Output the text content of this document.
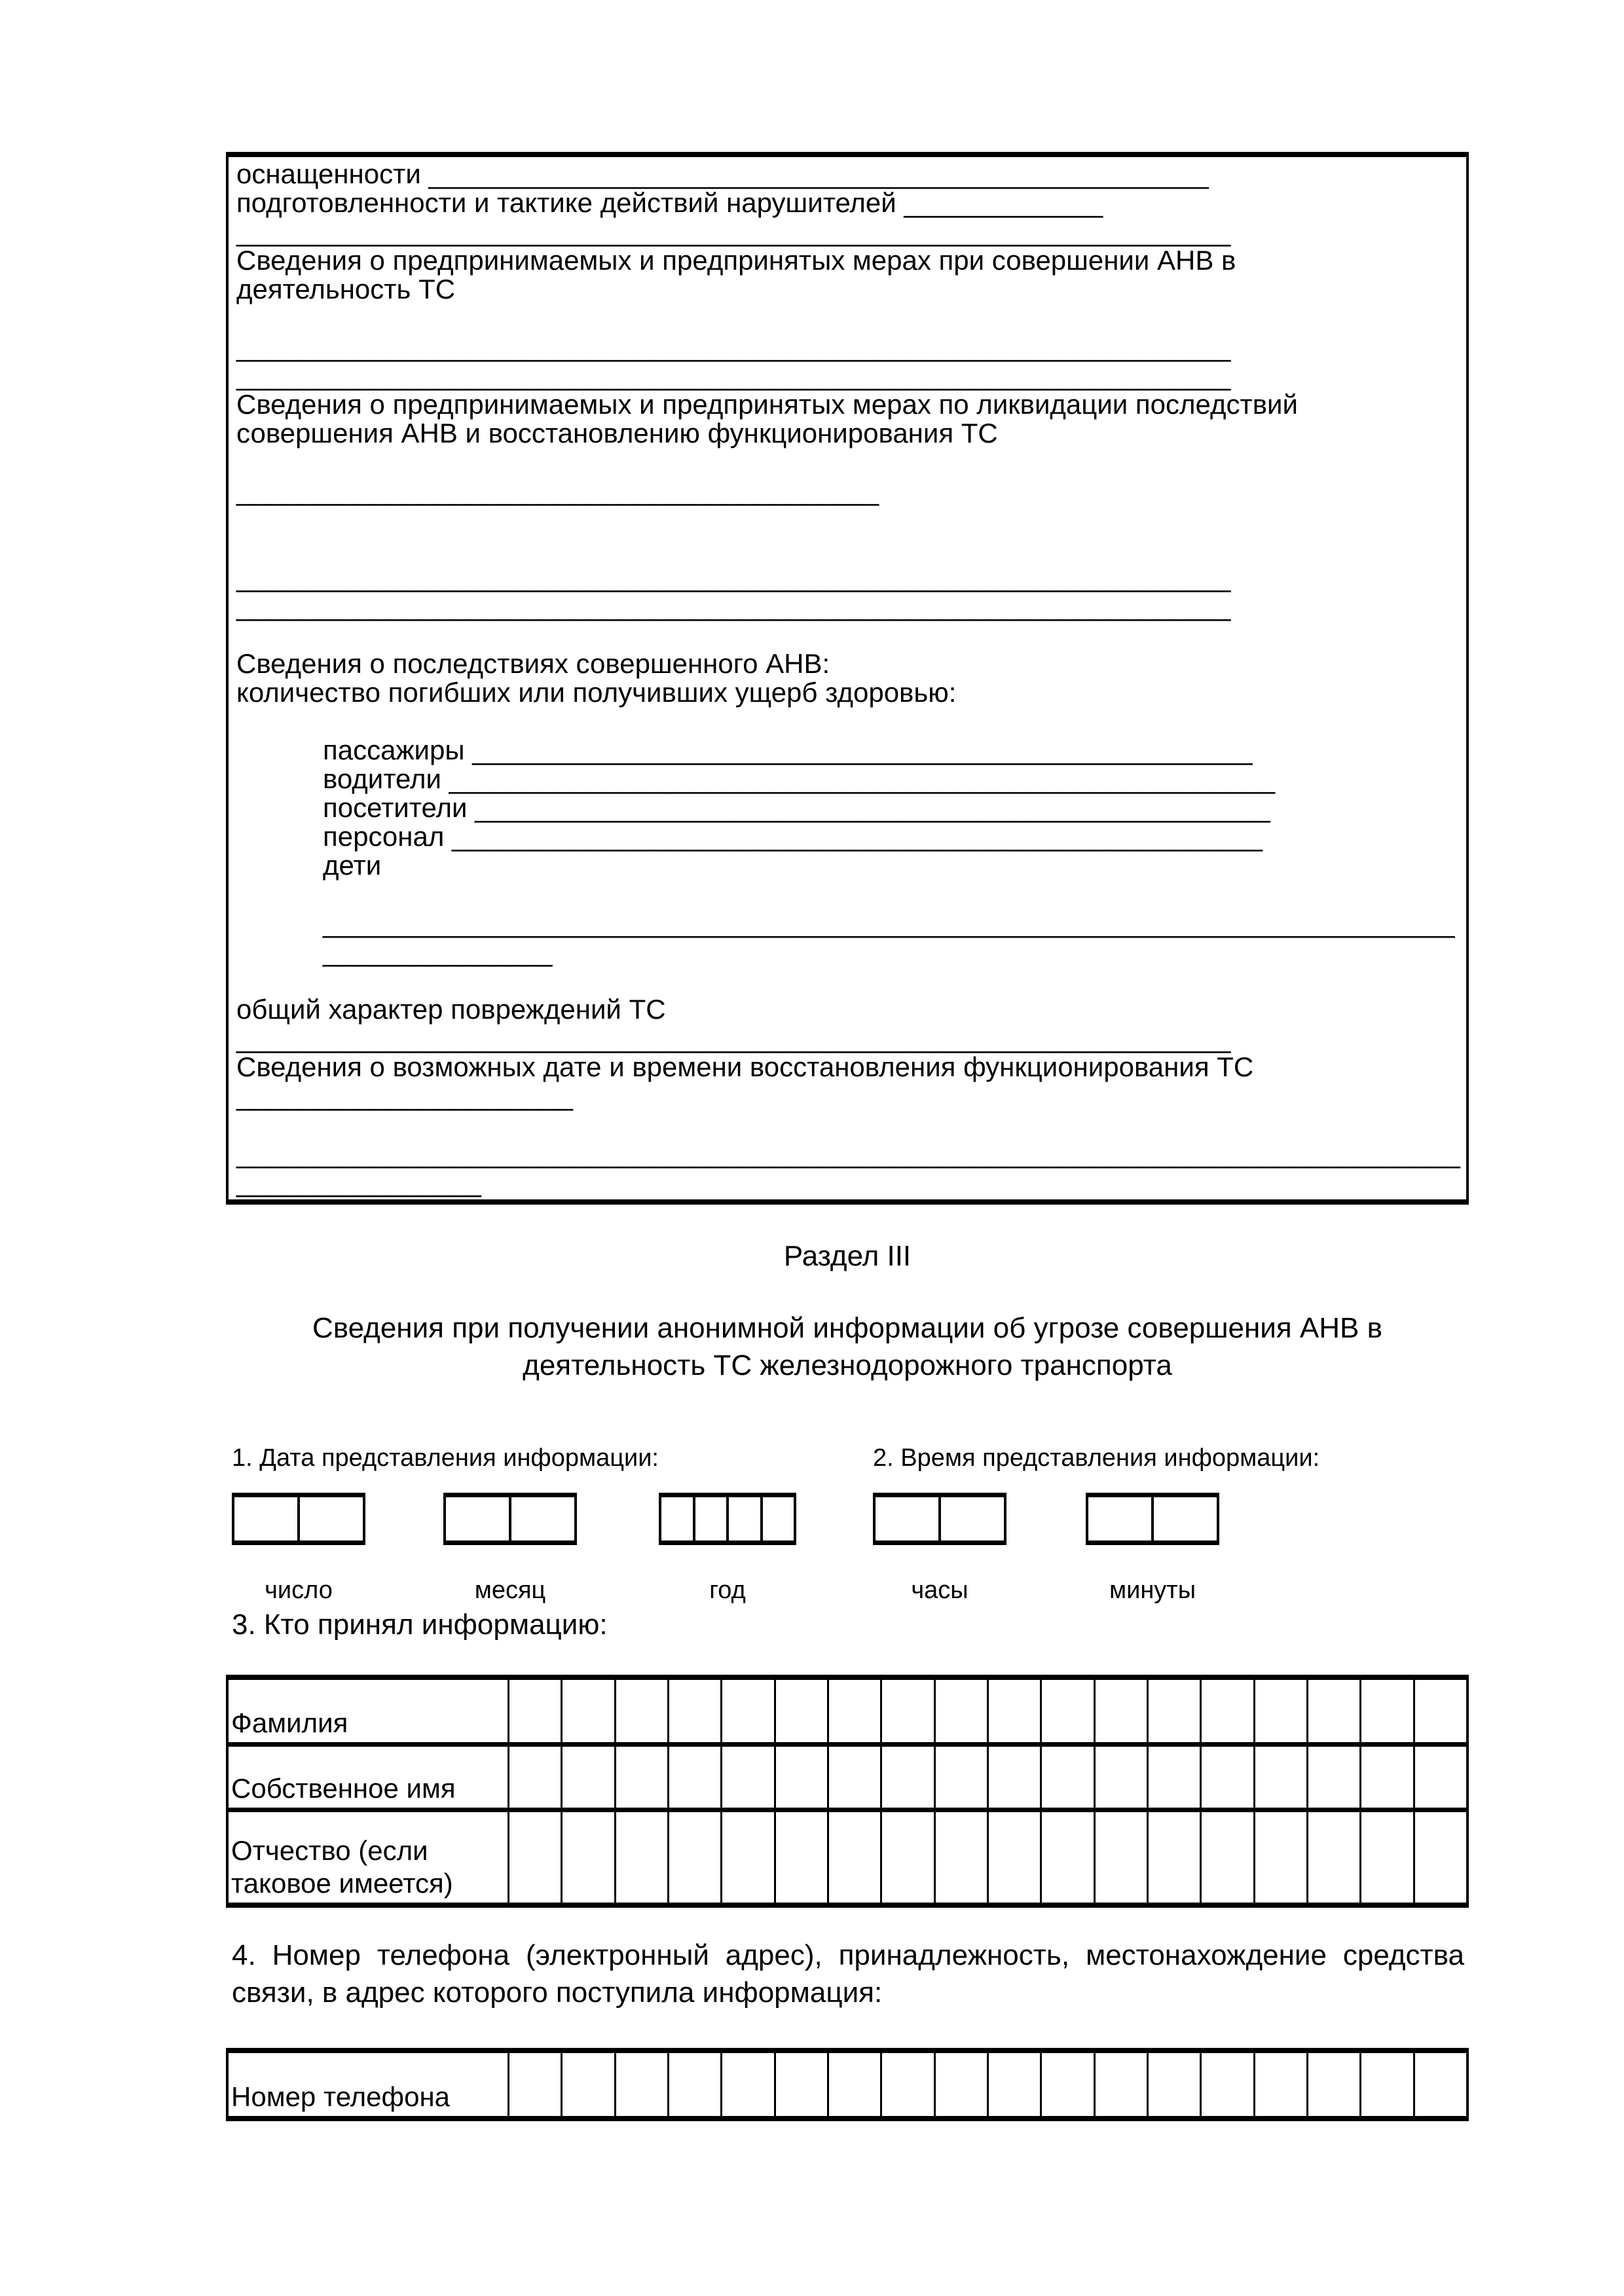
оснащенности ___________________________________________________
подготовленности и тактике действий нарушителей _____________
_________________________________________________________________
Сведения о предпринимаемых и предпринятых мерах при совершении АНВ в
деятельность ТС
_________________________________________________________________
_________________________________________________________________
Сведения о предпринимаемых и предпринятых мерах по ликвидации последствий
совершения АНВ и восстановлению функционирования ТС
__________________________________________
_________________________________________________________________
_________________________________________________________________
Сведения о последствиях совершенного АНВ:
количество погибших или получивших ущерб здоровью:
пассажиры ___________________________________________________
водители ______________________________________________________
посетители ____________________________________________________
персонал _____________________________________________________
дети
__________________________________________________________________________
_______________
общий характер повреждений ТС
_________________________________________________________________
Сведения о возможных дате и времени восстановления функционирования ТС
______________________
________________________________________________________________________________
________________
Раздел III
Сведения при получении анонимной информации об угрозе совершения АНВ в деятельность ТС железнодорожного транспорта
1. Дата представления информации:	2. Время представления информации:
число	месяц	год	часы	минуты
3. Кто принял информацию:
Фамилия
Собственное имя
Отчество (если таковое имеется)
4. Номер телефона (электронный адрес), принадлежность, местонахождение средства связи, в адрес которого поступила информация:
Номер телефона
